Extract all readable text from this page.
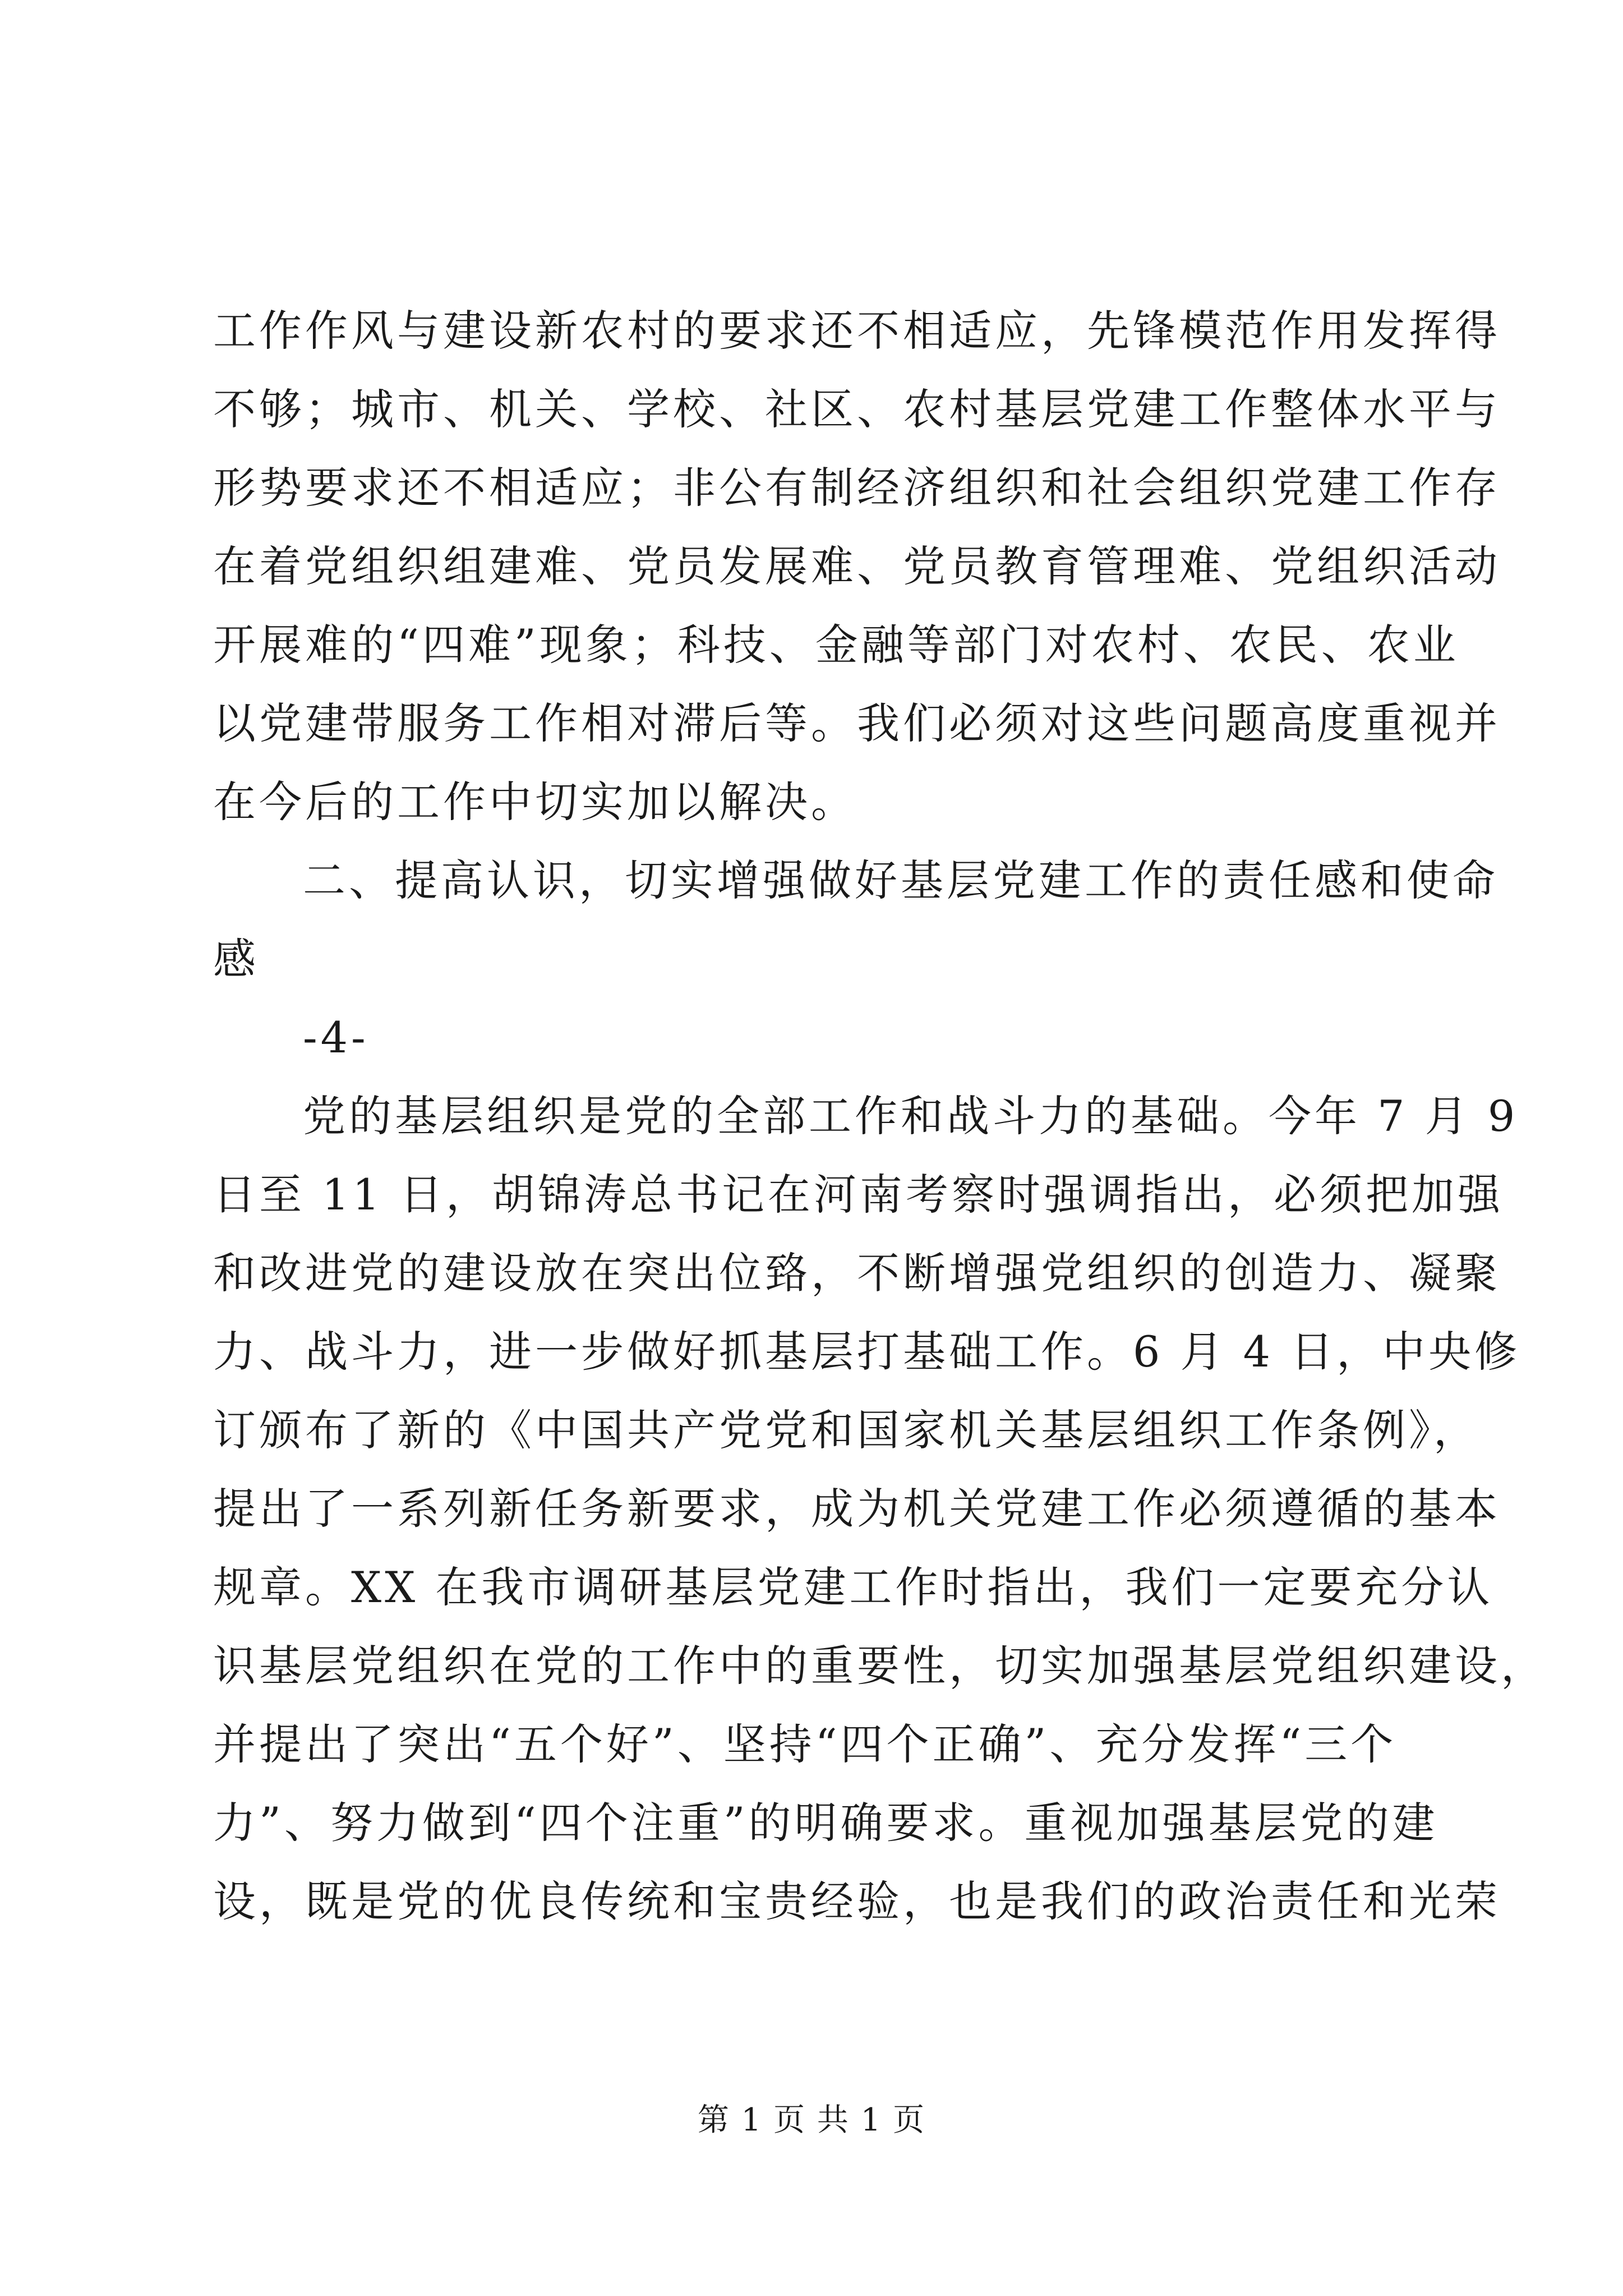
工作作风与建设新农村的要求还不相适应，先锋模范作用发挥得
不够；城市、机关、学校、社区、农村基层党建工作整体水平与
形势要求还不相适应；非公有制经济组织和社会组织党建工作存
在着党组织组建难、党员发展难、党员教育管理难、党组织活动
开展难的“四难”现象；科技、金融等部门对农村、农民、农业
以党建带服务工作相对滞后等。我们必须对这些问题高度重视并
在今后的工作中切实加以解决。
二、提高认识，切实增强做好基层党建工作的责任感和使命
感
-4-
党的基层组织是党的全部工作和战斗力的基础。今年 7 月 9
日至 11 日，胡锦涛总书记在河南考察时强调指出，必须把加强
和改进党的建设放在突出位臵，不断增强党组织的创造力、凝聚
力、战斗力，进一步做好抓基层打基础工作。6 月 4 日，中央修
订颁布了新的《中国共产党党和国家机关基层组织工作条例》，
提出了一系列新任务新要求，成为机关党建工作必须遵循的基本
规章。XX 在我市调研基层党建工作时指出，我们一定要充分认
识基层党组织在党的工作中的重要性，切实加强基层党组织建设，
并提出了突出“五个好”、坚持“四个正确”、充分发挥“三个
力”、努力做到“四个注重”的明确要求。重视加强基层党的建
设，既是党的优良传统和宝贵经验，也是我们的政治责任和光荣
第 1 页 共 1 页
